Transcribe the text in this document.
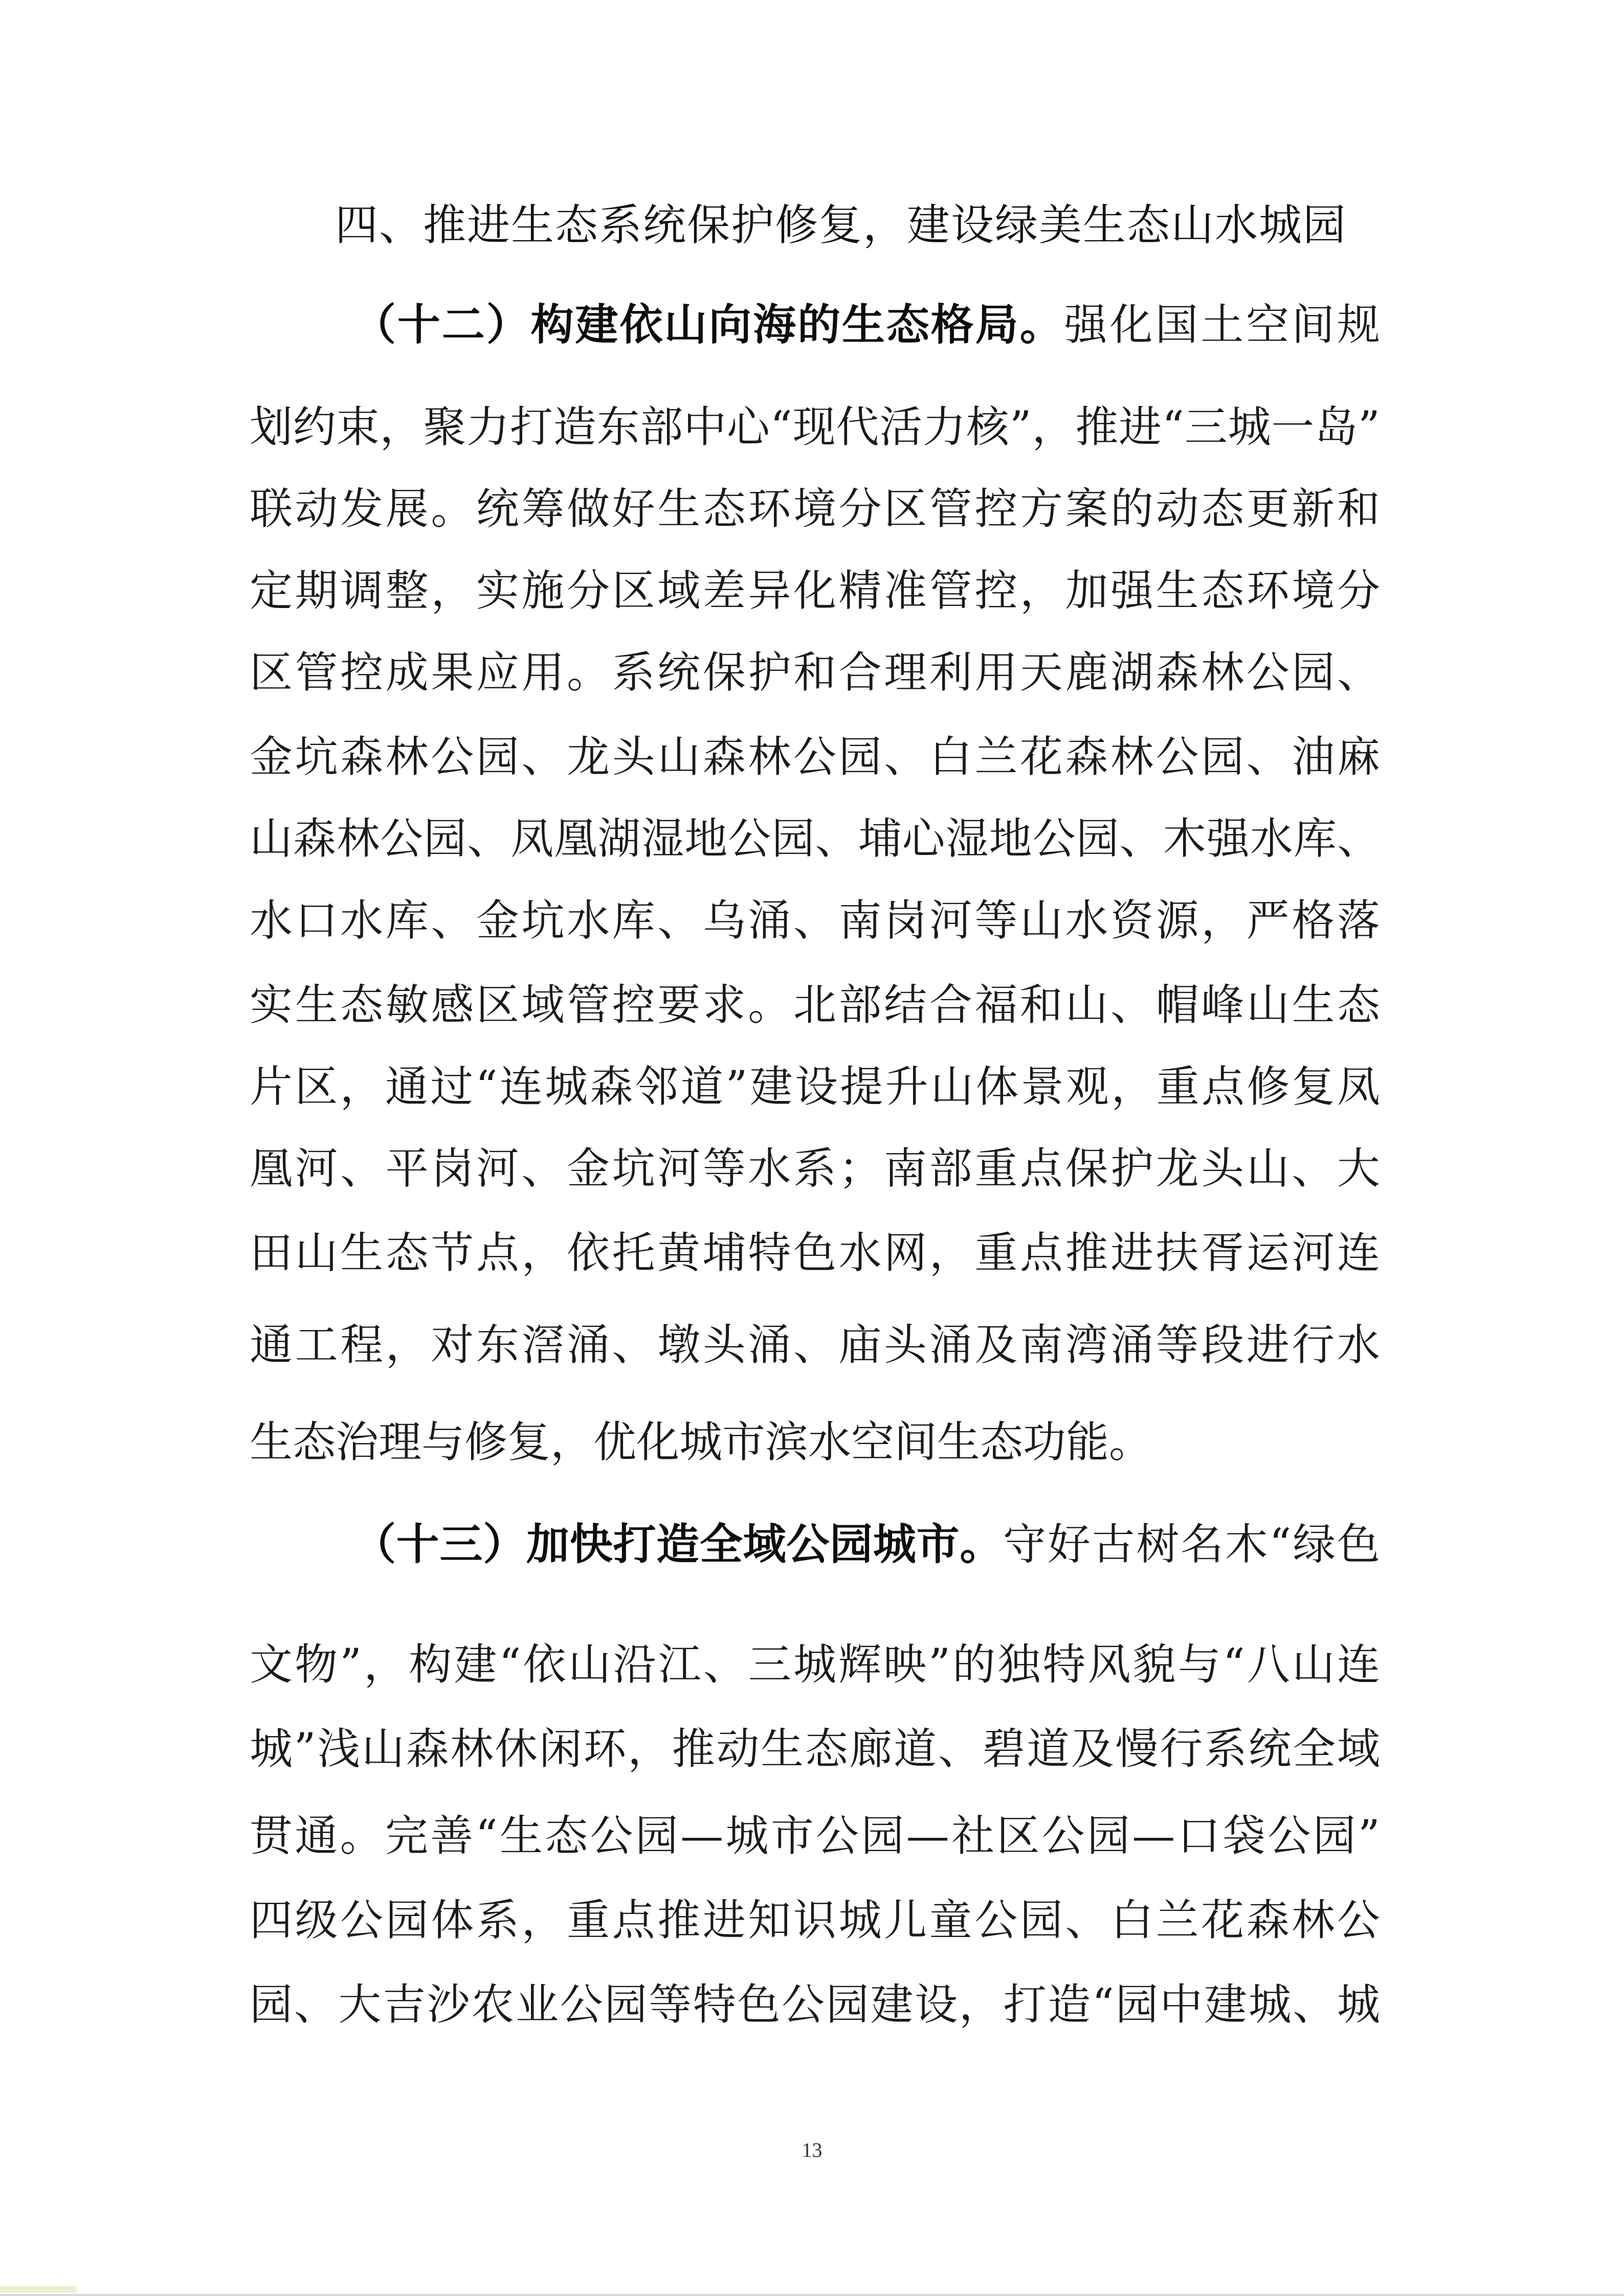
四、推进生态系统保护修复，建设绿美生态山水城园
（十二）构建依山向海的生态格局。强化国土空间规
划约束，聚力打造东部中心“现代活力核”，推进“三城一岛”
联动发展。统筹做好生态环境分区管控方案的动态更新和
定期调整，实施分区域差异化精准管控，加强生态环境分
区管控成果应用。系统保护和合理利用天鹿湖森林公园、
金坑森林公园、龙头山森林公园、白兰花森林公园、油麻
山森林公园、凤凰湖湿地公园、埔心湿地公园、木强水库、
水口水库、金坑水库、乌涌、南岗河等山水资源，严格落
实生态敏感区域管控要求。北部结合福和山、帽峰山生态
片区，通过“连城森邻道”建设提升山体景观，重点修复凤
凰河、平岗河、金坑河等水系；南部重点保护龙头山、大
田山生态节点，依托黄埔特色水网，重点推进扶胥运河连
通工程，对东滘涌、墩头涌、庙头涌及南湾涌等段进行水
生态治理与修复，优化城市滨水空间生态功能。
（十三）加快打造全域公园城市。守好古树名木“绿色
文物”，构建“依山沿江、三城辉映”的独特风貌与“八山连
城”浅山森林休闲环，推动生态廊道、碧道及慢行系统全域
贯通。完善“生态公园—城市公园—社区公园—口袋公园”
四级公园体系，重点推进知识城儿童公园、白兰花森林公
园、大吉沙农业公园等特色公园建设，打造“园中建城、城
13
